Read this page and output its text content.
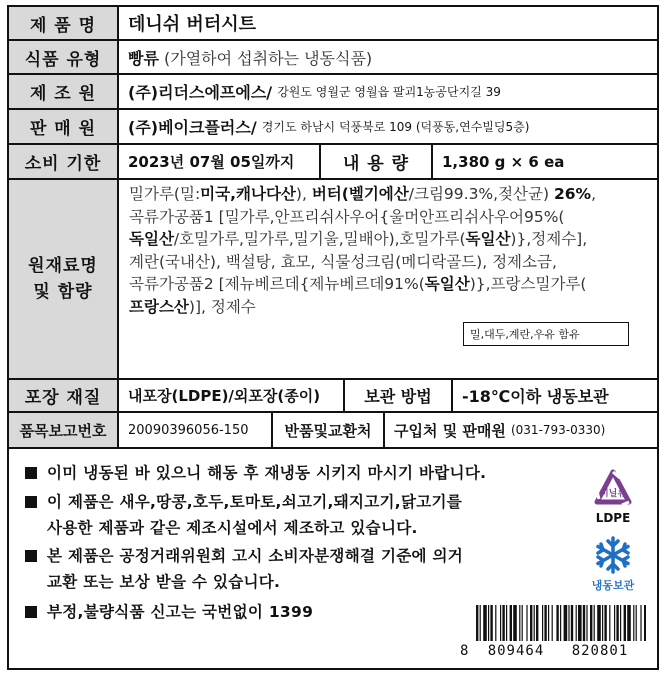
제 품 명	데니쉬 버터시트
식품 유형	빵류
(가열하여 섭취하는 냉동식품)
제 조 원	(주)리더스에프에스/
강원도 영월군 영월읍 팔괴1농공단지길 39
판 매 원	(주)베이크플러스/
경기도 하남시 덕풍북로 109 (덕풍동,연수빌딩5층)
소비 기한	2023년 07월 05일까지	내 용 량	1,380 g × 6 ea
원재료명
및 함량
밀가루(밀:미국,캐나다산), 버터(벨기에산/크림99.3%,젖산균) 26%,
곡류가공품1 [밀가루,안프리쉬사우어{울머안프리쉬사우어95%(
독일산/호밀가루,밀가루,밀기울,밀배아),호밀가루(독일산)},정제수],
계란(국내산), 백설탕, 효모, 식물성크림(메디락골드), 정제소금,
곡류가공품2 [제뉴베르데{제뉴베르데91%(독일산)},프랑스밀가루(
프랑스산)], 정제수
밀,대두,계란,우유 함유
포장 재질	내포장(LDPE)/외포장(종이)	보관 방법	-18℃이하 냉동보관
품목보고번호	20090396056-150	반품및교환처	구입처 및 판매원
(031-793-0330)
이미 냉동된 바 있으니 해동 후 재냉동 시키지 마시기 바랍니다.
이 제품은 새우,땅콩,호두,토마토,쇠고기,돼지고기,닭고기를
사용한 제품과 같은 제조시설에서 제조하고 있습니다.
본 제품은 공정거래위원회 고시 소비자분쟁해결 기준에 의거
교환 또는 보상 받을 수 있습니다.
부정,불량식품 신고는 국번없이 1399
비닐류
LDPE
냉동보관
8	809464	820801
